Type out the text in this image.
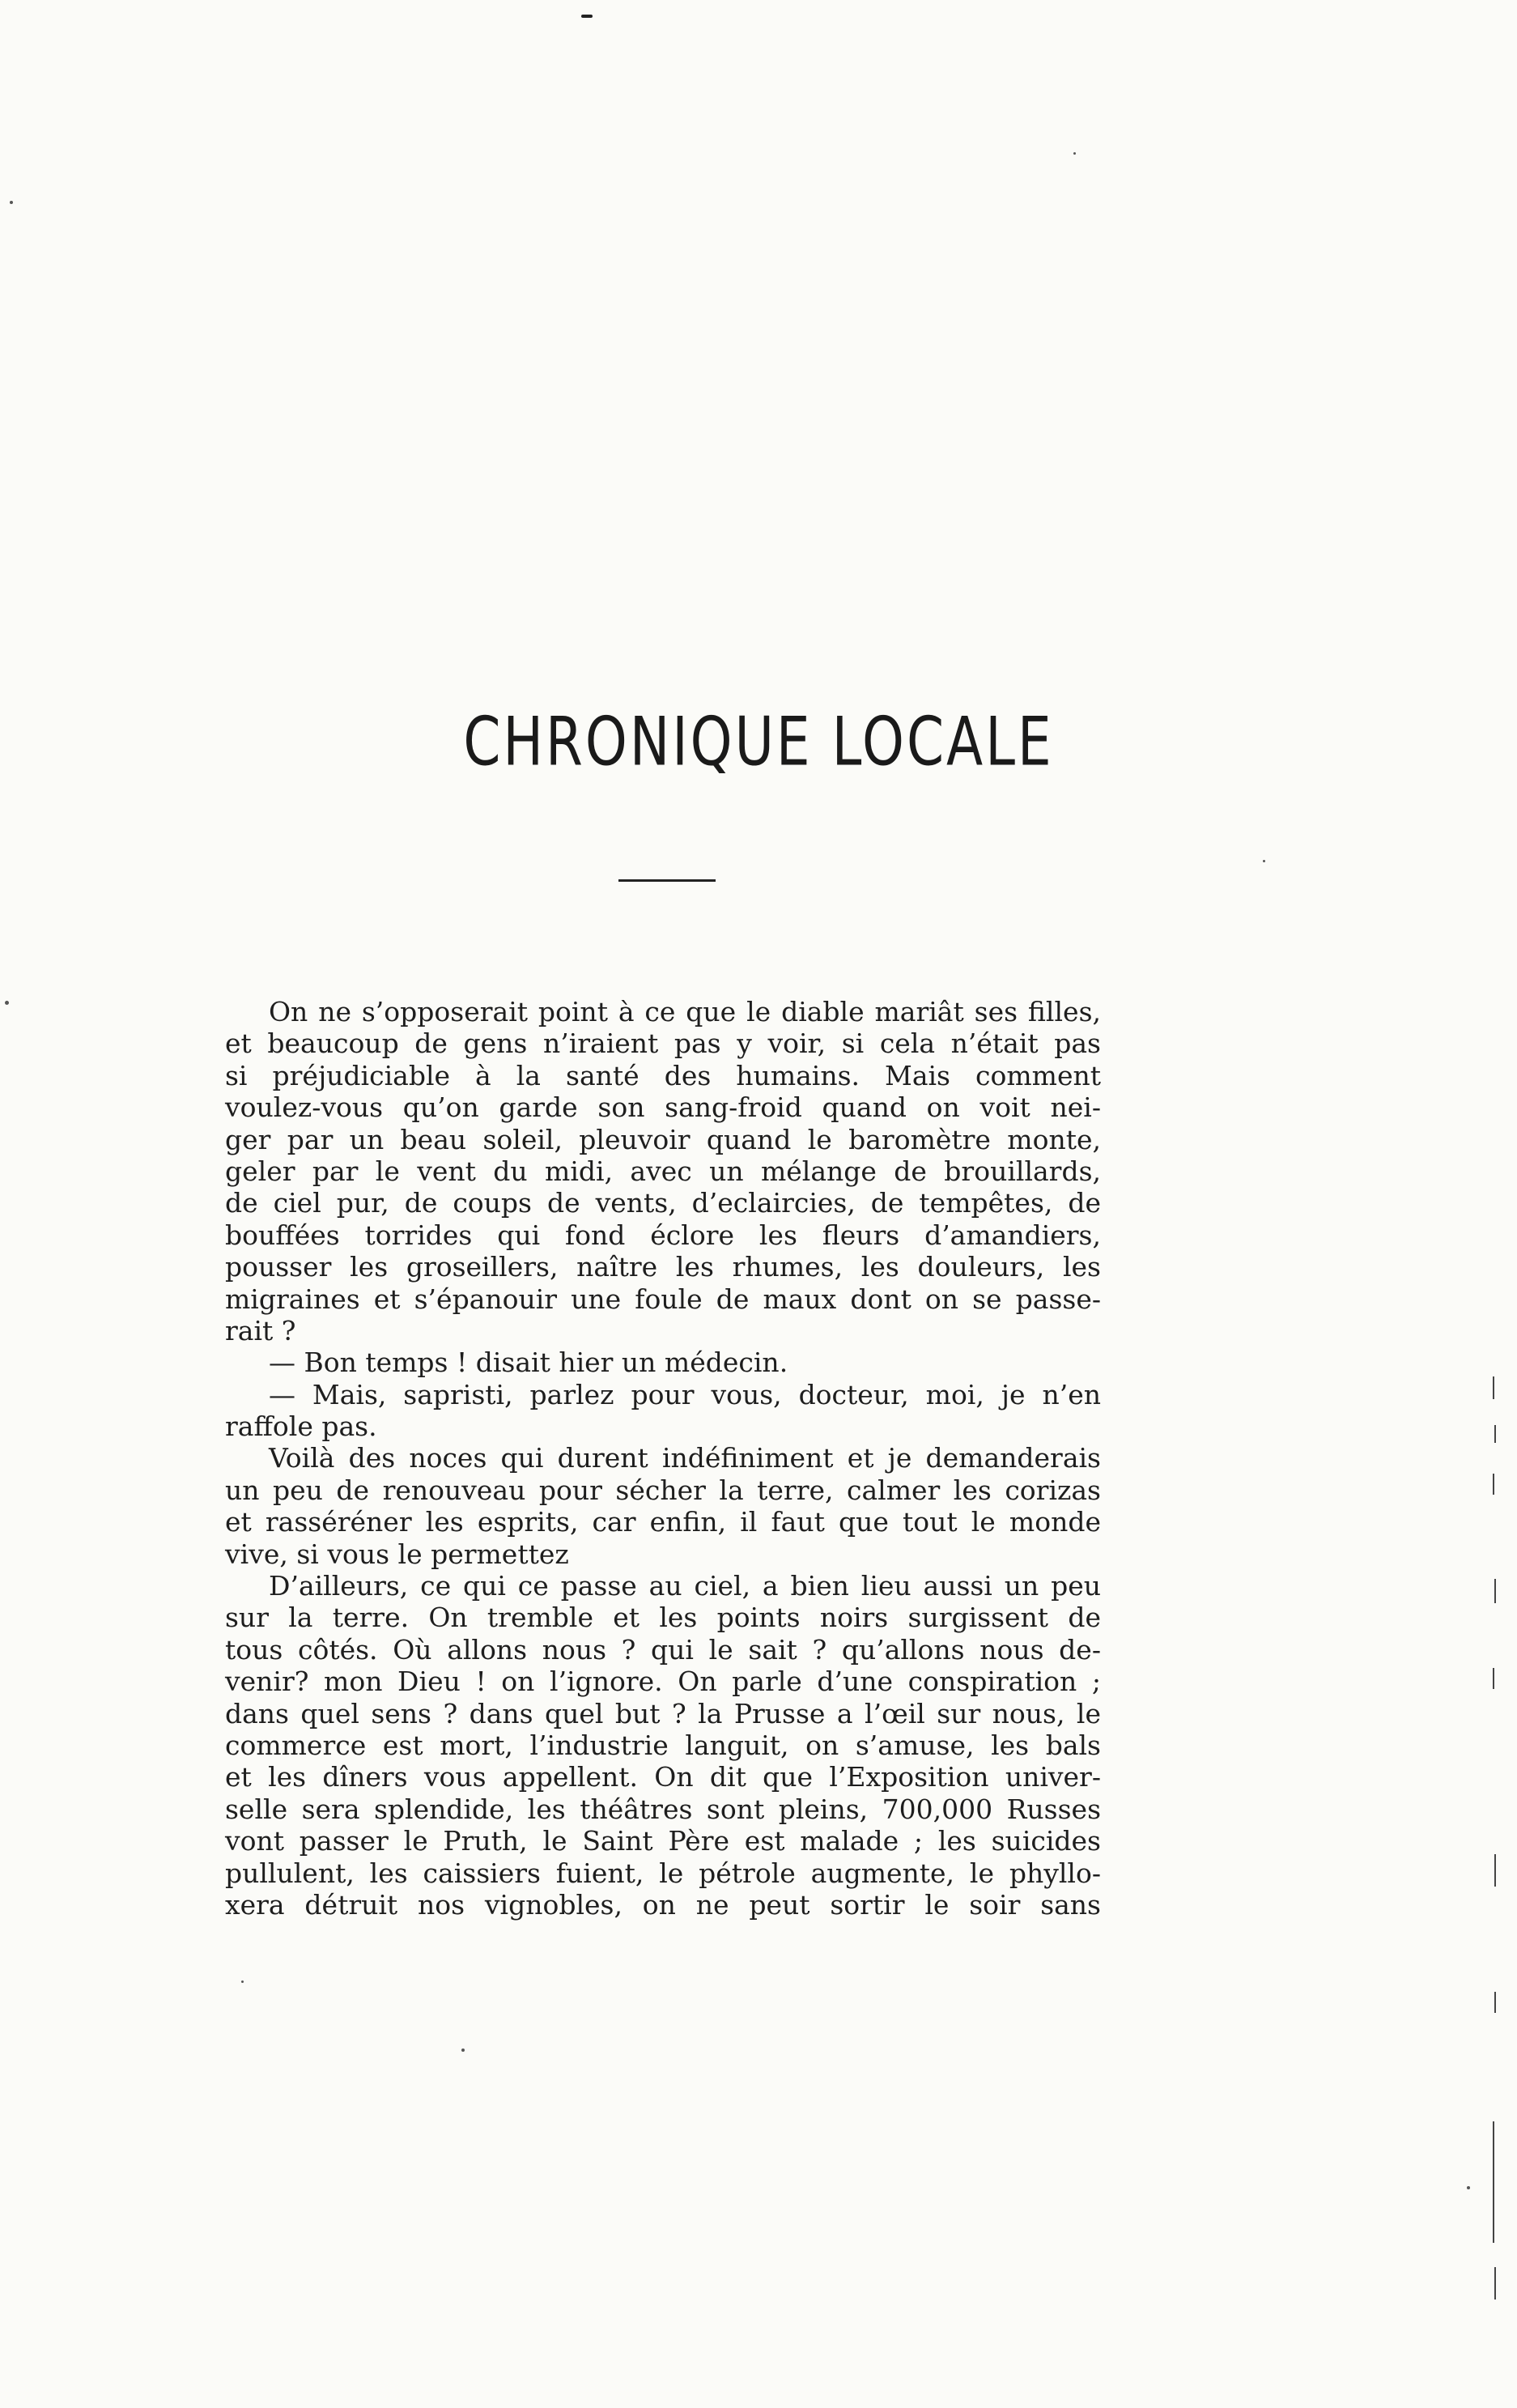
CHRONIQUE LOCALE
On ne s’opposerait point à ce que le diable mariât ses filles,
et beaucoup de gens n’iraient pas y voir, si cela n’était pas
si préjudiciable à la santé des humains. Mais comment
voulez-vous qu’on garde son sang-froid quand on voit nei-
ger par un beau soleil, pleuvoir quand le baromètre monte,
geler par le vent du midi, avec un mélange de brouillards,
de ciel pur, de coups de vents, d’eclaircies, de tempêtes, de
bouffées torrides qui fond éclore les fleurs d’amandiers,
pousser les groseillers, naître les rhumes, les douleurs, les
migraines et s’épanouir une foule de maux dont on se passe-
rait ?
— Bon temps ! disait hier un médecin.
— Mais, sapristi, parlez pour vous, docteur, moi, je n’en
raffole pas.
Voilà des noces qui durent indéfiniment et je demanderais
un peu de renouveau pour sécher la terre, calmer les corizas
et rasséréner les esprits, car enfin, il faut que tout le monde
vive, si vous le permettez
D’ailleurs, ce qui ce passe au ciel, a bien lieu aussi un peu
sur la terre. On tremble et les points noirs surgissent de
tous côtés. Où allons nous ? qui le sait ? qu’allons nous de-
venir? mon Dieu ! on l’ignore. On parle d’une conspiration ;
dans quel sens ? dans quel but ? la Prusse a l’œil sur nous, le
commerce est mort, l’industrie languit, on s’amuse, les bals
et les dîners vous appellent. On dit que l’Exposition univer-
selle sera splendide, les théâtres sont pleins, 700,000 Russes
vont passer le Pruth, le Saint Père est malade ; les suicides
pullulent, les caissiers fuient, le pétrole augmente, le phyllo-
xera détruit nos vignobles, on ne peut sortir le soir sans
